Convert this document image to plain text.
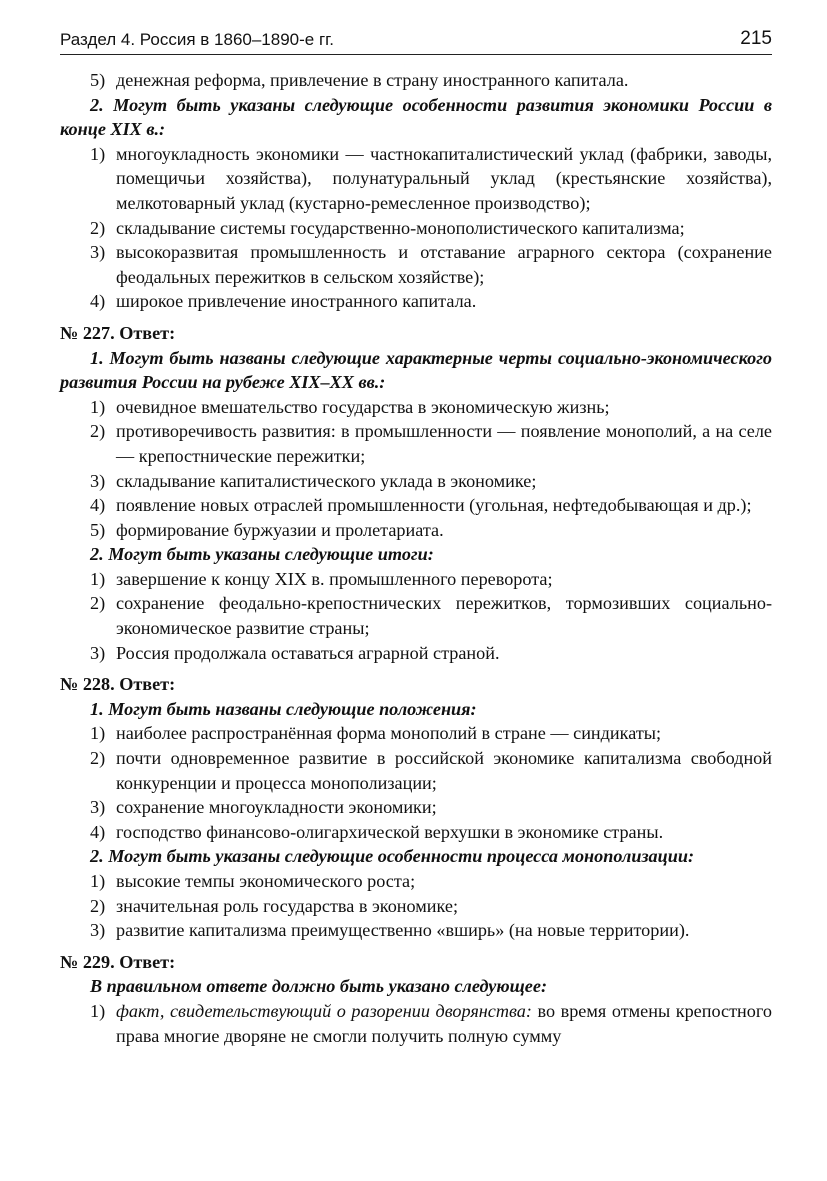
Раздел 4. Россия в 1860–1890-е гг.	215
5) денежная реформа, привлечение в страну иностранного капитала.
2. Могут быть указаны следующие особенности развития экономики России в конце XIX в.:
1) многоукладность экономики — частнокапиталистический уклад (фабрики, заводы, помещичьи хозяйства), полунатуральный уклад (крестьянские хозяйства), мелкотоварный уклад (кустарно-ремесленное производство);
2) складывание системы государственно-монополистического капитализма;
3) высокоразвитая промышленность и отставание аграрного сектора (сохранение феодальных пережитков в сельском хозяйстве);
4) широкое привлечение иностранного капитала.
№ 227. Ответ:
1. Могут быть названы следующие характерные черты социально-экономического развития России на рубеже XIX–XX вв.:
1) очевидное вмешательство государства в экономическую жизнь;
2) противоречивость развития: в промышленности — появление монополий, а на селе — крепостнические пережитки;
3) складывание капиталистического уклада в экономике;
4) появление новых отраслей промышленности (угольная, нефтедобывающая и др.);
5) формирование буржуазии и пролетариата.
2. Могут быть указаны следующие итоги:
1) завершение к концу XIX в. промышленного переворота;
2) сохранение феодально-крепостнических пережитков, тормозивших социально-экономическое развитие страны;
3) Россия продолжала оставаться аграрной страной.
№ 228. Ответ:
1. Могут быть названы следующие положения:
1) наиболее распространённая форма монополий в стране — синдикаты;
2) почти одновременное развитие в российской экономике капитализма свободной конкуренции и процесса монополизации;
3) сохранение многоукладности экономики;
4) господство финансово-олигархической верхушки в экономике страны.
2. Могут быть указаны следующие особенности процесса монополизации:
1) высокие темпы экономического роста;
2) значительная роль государства в экономике;
3) развитие капитализма преимущественно «вширь» (на новые территории).
№ 229. Ответ:
В правильном ответе должно быть указано следующее:
1) факт, свидетельствующий о разорении дворянства: во время отмены крепостного права многие дворяне не смогли получить полную сумму
